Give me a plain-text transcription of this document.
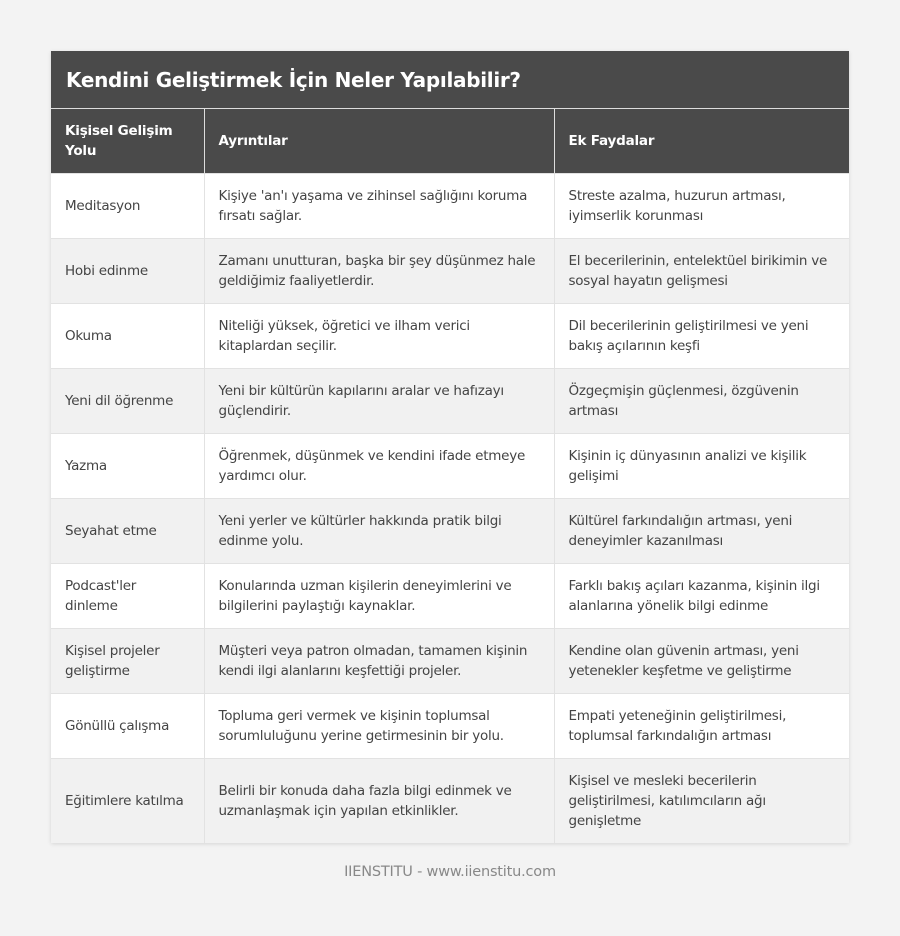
Kendini Geliştirmek İçin Neler Yapılabilir?
Kişisel Gelişim Yolu	Ayrıntılar	Ek Faydalar
Meditasyon	Kişiye 'an'ı yaşama ve zihinsel sağlığını koruma fırsatı sağlar.	Streste azalma, huzurun artması, iyimserlik korunması
Hobi edinme	Zamanı unutturan, başka bir şey düşünmez hale geldiğimiz faaliyetlerdir.	El becerilerinin, entelektüel birikimin ve sosyal hayatın gelişmesi
Okuma	Niteliği yüksek, öğretici ve ilham verici kitaplardan seçilir.	Dil becerilerinin geliştirilmesi ve yeni bakış açılarının keşfi
Yeni dil öğrenme	Yeni bir kültürün kapılarını aralar ve hafızayı güçlendirir.	Özgeçmişin güçlenmesi, özgüvenin artması
Yazma	Öğrenmek, düşünmek ve kendini ifade etmeye yardımcı olur.	Kişinin iç dünyasının analizi ve kişilik gelişimi
Seyahat etme	Yeni yerler ve kültürler hakkında pratik bilgi edinme yolu.	Kültürel farkındalığın artması, yeni deneyimler kazanılması
Podcast'ler dinleme	Konularında uzman kişilerin deneyimlerini ve bilgilerini paylaştığı kaynaklar.	Farklı bakış açıları kazanma, kişinin ilgi alanlarına yönelik bilgi edinme
Kişisel projeler geliştirme	Müşteri veya patron olmadan, tamamen kişinin kendi ilgi alanlarını keşfettiği projeler.	Kendine olan güvenin artması, yeni yetenekler keşfetme ve geliştirme
Gönüllü çalışma	Topluma geri vermek ve kişinin toplumsal sorumluluğunu yerine getirmesinin bir yolu.	Empati yeteneğinin geliştirilmesi, toplumsal farkındalığın artması
Eğitimlere katılma	Belirli bir konuda daha fazla bilgi edinmek ve uzmanlaşmak için yapılan etkinlikler.	Kişisel ve mesleki becerilerin geliştirilmesi, katılımcıların ağı genişletme
IIENSTITU - www.iienstitu.com
